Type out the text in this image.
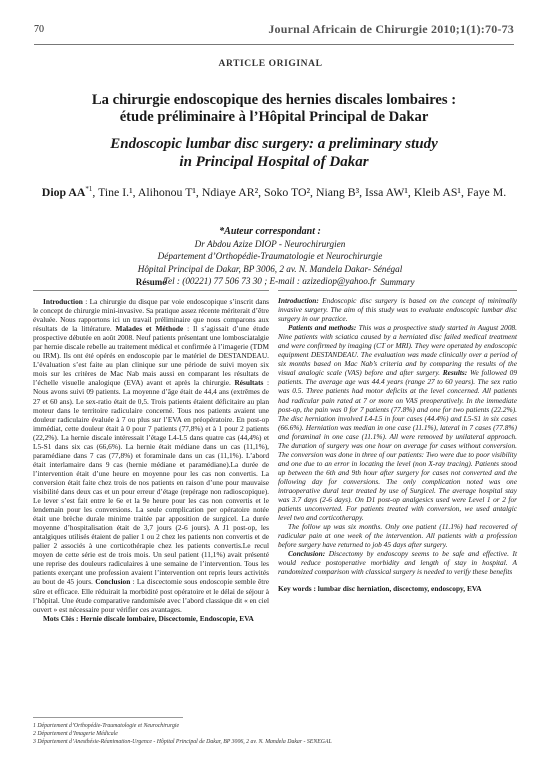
70	Journal Africain de Chirurgie 2010;1(1):70-73
ARTICLE ORIGINAL
La chirurgie endoscopique des hernies discales lombaires :
étude préliminaire à l’Hôpital Principal de Dakar
Endoscopic lumbar disc surgery: a preliminary study
in Principal Hospital of Dakar
Diop AA$^{*1}$, Tine I.¹, Alihonou T¹, Ndiaye AR², Soko TO², Niang B³, Issa AW¹, Kleib AS¹, Faye M.
*Auteur correspondant :
Dr Abdou Azize DIOP - Neurochirurgien
Département d’Orthopédie-Traumatologie et Neurochirurgie
Hôpital Principal de Dakar, BP 3006, 2 av. N. Mandela Dakar- Sénégal
Tel : (00221) 77 506 73 30 ; E-mail : azizediop@yahoo.fr
Résumé	Summary

Introduction : La chirurgie du disque par voie endoscopique s’inscrit dans le concept de chirurgie mini-invasive. Sa pratique assez récente mériterait d’être évaluée. Nous rapportons ici un travail préliminaire que nous comparons aux résultats de la littérature. Malades et Méthode : Il s’agissait d’une étude prospective débutée en août 2008. Neuf patients présentant une lombosciatalgie par hernie discale rebelle au traitement médical et confirmée à l’imagerie (TDM ou IRM). Ils ont été opérés en endoscopie par le matériel de DESTANDEAU. L’évaluation s’est faite au plan clinique sur une période de suivi moyen six mois sur les critères de Mac Nab mais aussi en comparant les résultats de l’échelle visuelle analogique (EVA) avant et après la chirurgie. Résultats : Nous avons suivi 09 patients. La moyenne d’âge était de 44,4 ans (extrêmes de 27 et 60 ans). Le sex-ratio était de 0,5. Trois patients étaient déficitaire au plan moteur dans le territoire radiculaire concerné. Tous nos patients avaient une douleur radiculaire évaluée à 7 ou plus sur l’EVA en préopératoire. En post-op immédiat, cette douleur était à 0 pour 7 patients (77,8%) et à 1 pour 2 patients (22,2%). La hernie discale intéressait l’étage L4-L5 dans quatre cas (44,4%) et L5-S1 dans six cas (66,6%). La hernie était médiane dans un cas (11,1%), paramédiane dans 7 cas (77,8%) et foraminale dans un cas (11,1%). L’abord était interlamaire dans 9 cas (hernie médiane et paramédiane).La durée de l’intervention était d’une heure en moyenne pour les cas non convertis. La conversion était faite chez trois de nos patients en raison d’une pour mauvaise visibilité dans deux cas et un pour erreur d’étage (repérage non radioscopique). Le lever s’est fait entre le 6e et la 9e heure pour les cas non convertis et le lendemain pour les conversions. La seule complication per opératoire notée était une brèche durale minime traitée par apposition de surgicel. La durée moyenne d’hospitalisation était de 3,7 jours (2-6 jours). A J1 post-op, les antalgiques utilisés étaient de palier 1 ou 2 chez les patients non convertis et de palier 2 associés à une corticothérapie chez les patients convertis.Le recul moyen de cette série est de trois mois. Un seul patient (11,1%) avait présenté une reprise des douleurs radiculaires à une semaine de l’intervention. Tous les patients exerçant une profession avaient l’intervention ont repris leurs activités au bout de 45 jours. Conclusion : La discectomie sous endoscopie semble être sûre et efficace. Elle réduirait la morbidité post opératoire et le délai de séjour à l’hôpital. Une étude comparative randomisée avec l’abord classique dit « en ciel ouvert » est nécessaire pour vérifier ces avantages.

Mots Clés : Hernie discale lombaire, Discectomie, Endoscopie, EVA

Introduction: Endoscopic disc surgery is based on the concept of minimally invasive surgery. The aim of this study was to evaluate endoscopic lumbar disc surgery in our practice.

Patients and methods: This was a prospective study started in August 2008. Nine patients with sciatica caused by a herniated disc failed medical treatment and were confirmed by imaging (CT or MRI). They were operated by endoscopic equipment DESTANDEAU. The evaluation was made clinically over a period of six months based on Mac Nab’s criteria and by comparing the results of the visual analogic scale (VAS) before and after surgery. Results: We followed 09 patients. The average age was 44.4 years (range 27 to 60 years). The sex ratio was 0.5. Three patients had motor deficits at the level concerned. All patients had radicular pain rated at 7 or more on VAS preoperatively. In the immediate post-op, the pain was 0 for 7 patients (77.8%) and one for two patients (22.2%). The disc herniation involved L4-L5 in four cases (44.4%) and L5-S1 in six cases (66.6%). Herniation was median in one case (11.1%), lateral in 7 cases (77.8%) and foraminal in one case (11.1%). All were removed by unilateral approach. The duration of surgery was one hour on average for cases without conversion. The conversion was done in three of our patients: Two were due to poor visibility and one due to an error in locating the level (non X-ray tracing). Patients stood up between the 6th and 9th hour after surgery for cases not converted and the following day for conversions. The only complication noted was one intraoperative dural tear treated by use of Surgicel. The average hospital stay was 3.7 days (2-6 days). On D1 post-op analgesics used were Level 1 or 2 for patients unconverted. For patients treated with conversion, we used antalgic level two and corticotherapy.

The follow up was six months. Only one patient (11.1%) had recovered of radicular pain at one week of the intervention. All patients with a profession before surgery have returned to job 45 days after surgery.

Conclusion: Discectomy by endoscopy seems to be safe and effective. It would reduce postoperative morbidity and length of stay in hospital. A randomized comparison with classical surgery is needed to verify these benefits

Key words : lumbar disc herniation, discectomy, endoscopy, EVA

1 Département d’Orthopédie-Traumatologie et Neurochirurgie
2 Département d’Imagerie Médicale
3 Département d’Anesthésie-Réanimation-Urgence - Hôpital Principal de Dakar, BP 3006, 2 av. N. Mandela Dakar - SENEGAL
